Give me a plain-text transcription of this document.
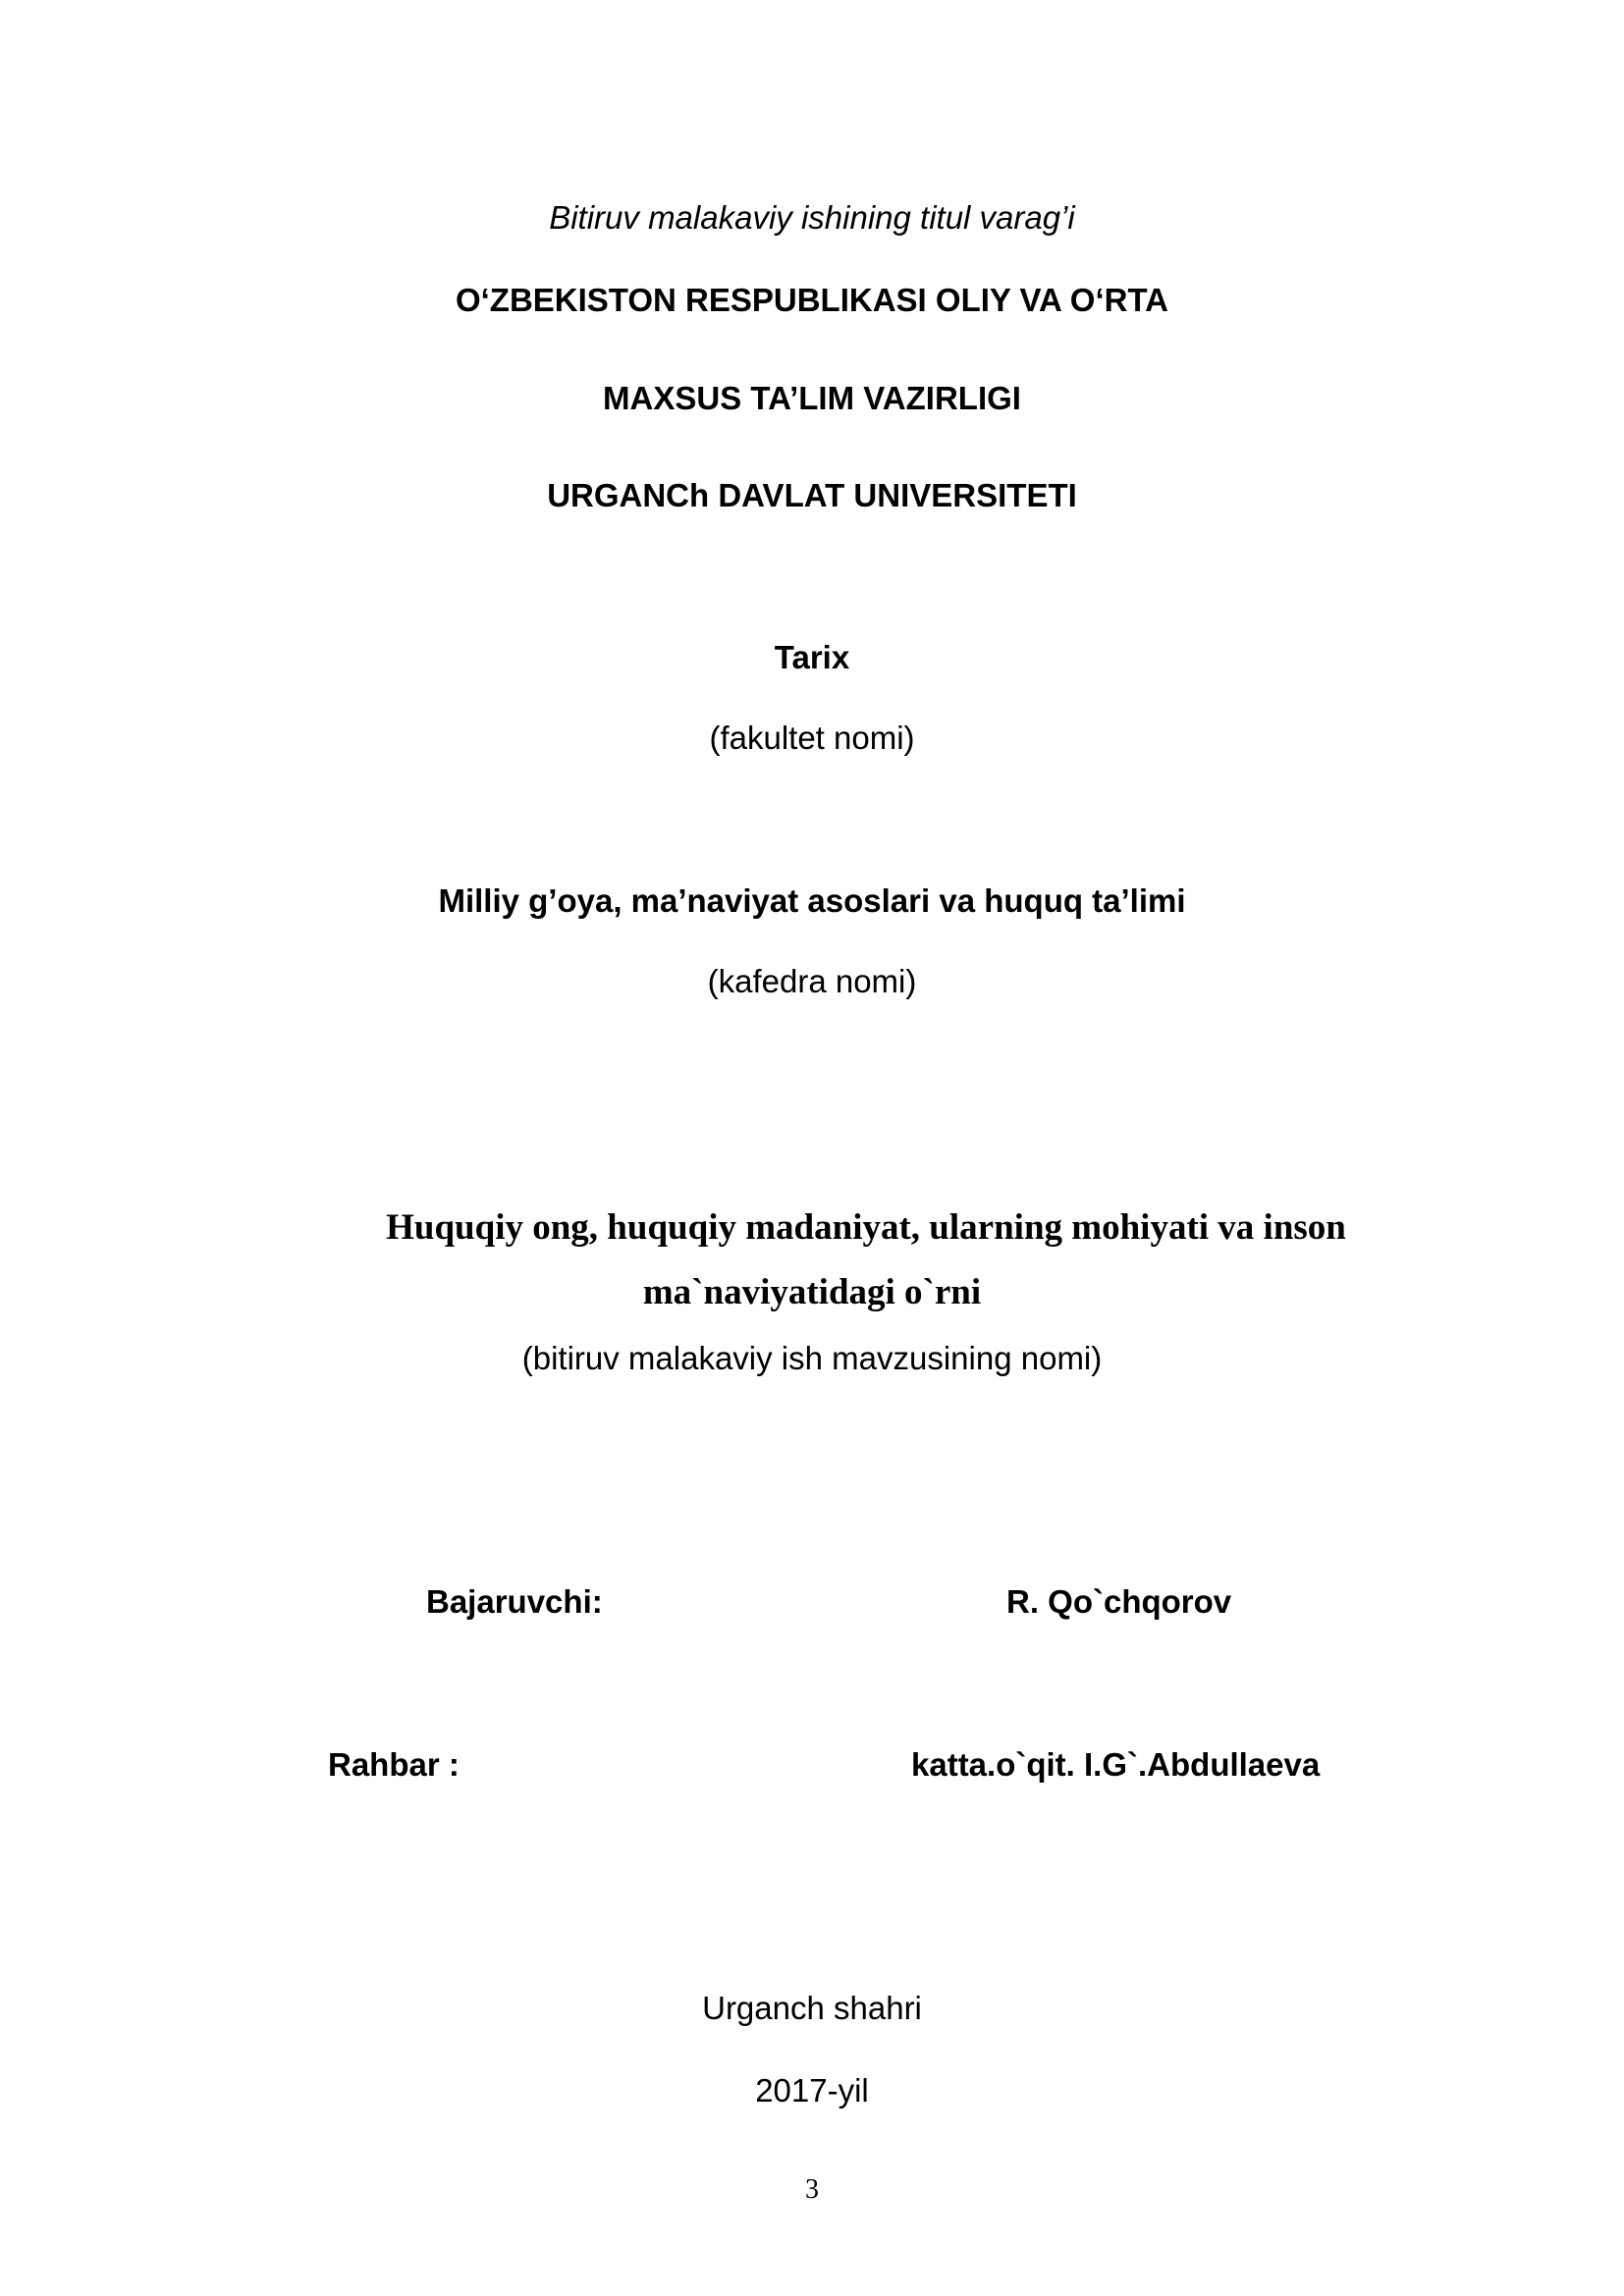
Bitiruv malakaviy ishining titul varag’i
O‘ZBEKISTON RESPUBLIKASI OLIY VA O‘RTA
MAXSUS TA’LIM VAZIRLIGI
URGANCh DAVLAT UNIVERSITETI
Tarix
(fakultet nomi)
Milliy g’oya, ma’naviyat asoslari va huquq ta’limi
(kafedra nomi)
Huquqiy ong, huquqiy madaniyat, ularning mohiyati va inson
ma`naviyatidagi o`rni
(bitiruv malakaviy ish mavzusining nomi)
Bajaruvchi:	R. Qo`chqorov
Rahbar :	katta.o`qit. I.G`.Abdullaeva
Urganch shahri
2017-yil
3
